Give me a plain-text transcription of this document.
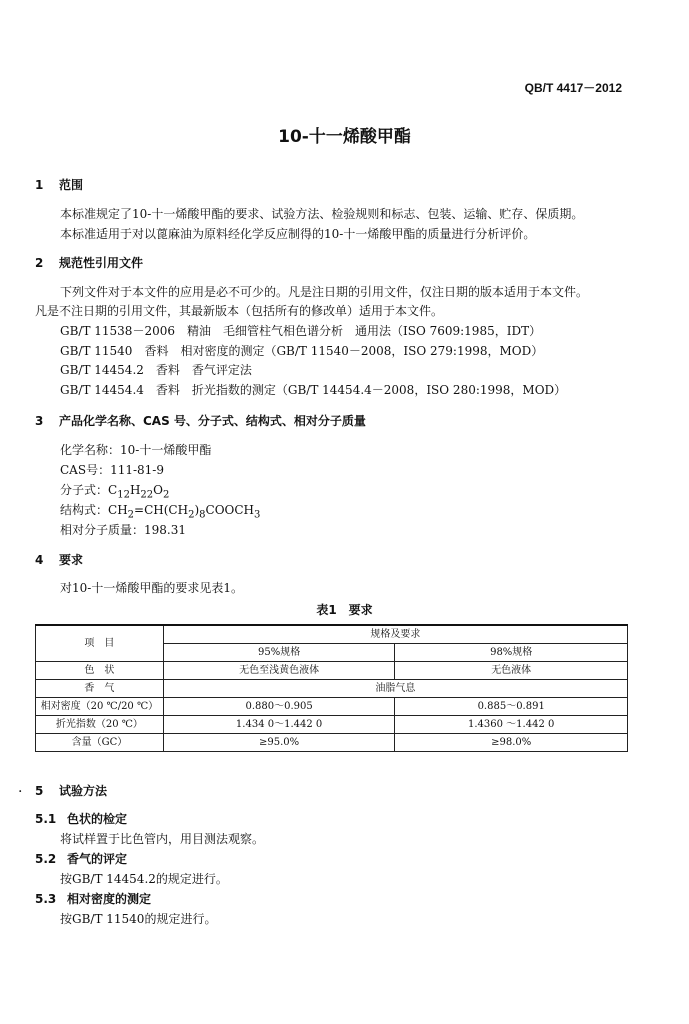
QB/T 4417－2012
10-十一烯酸甲酯
1 范围
本标准规定了10-十一烯酸甲酯的要求、试验方法、检验规则和标志、包装、运输、贮存、保质期。
本标准适用于对以蓖麻油为原料经化学反应制得的10-十一烯酸甲酯的质量进行分析评价。
2 规范性引用文件
下列文件对于本文件的应用是必不可少的。凡是注日期的引用文件，仅注日期的版本适用于本文件。
凡是不注日期的引用文件，其最新版本（包括所有的修改单）适用于本文件。
GB/T 11538－2006　精油　毛细管柱气相色谱分析　通用法（ISO 7609:1985，IDT）
GB/T 11540　香料　相对密度的测定（GB/T 11540－2008，ISO 279:1998，MOD）
GB/T 14454.2　香料　香气评定法
GB/T 14454.4　香料　折光指数的测定（GB/T 14454.4－2008，ISO 280:1998，MOD）
3 产品化学名称、CAS 号、分子式、结构式、相对分子质量
化学名称：10-十一烯酸甲酯
CAS号：111-81-9
分子式：$C_{12}H_{22}O_2$
结构式：$CH_2=CH(CH_2)_8COOCH_3$
相对分子质量：198.31
4 要求
对10-十一烯酸甲酯的要求见表1。
表1　要求
项　目	规格及要求	
	95%规格	98%规格
色　状	无色至浅黄色液体	无色液体
香　气	油脂气息	
相对密度（20 ℃/20 ℃）	0.880～0.905	0.885～0.891
折光指数（20 ℃）	1.434 0～1.442 0	1.4360 ～1.442 0
含量（GC）	≥95.0%	≥98.0%
. 5 试验方法
5.1 色状的检定
将试样置于比色管内，用目测法观察。
5.2 香气的评定
按GB/T 14454.2的规定进行。
5.3 相对密度的测定
按GB/T 11540的规定进行。
